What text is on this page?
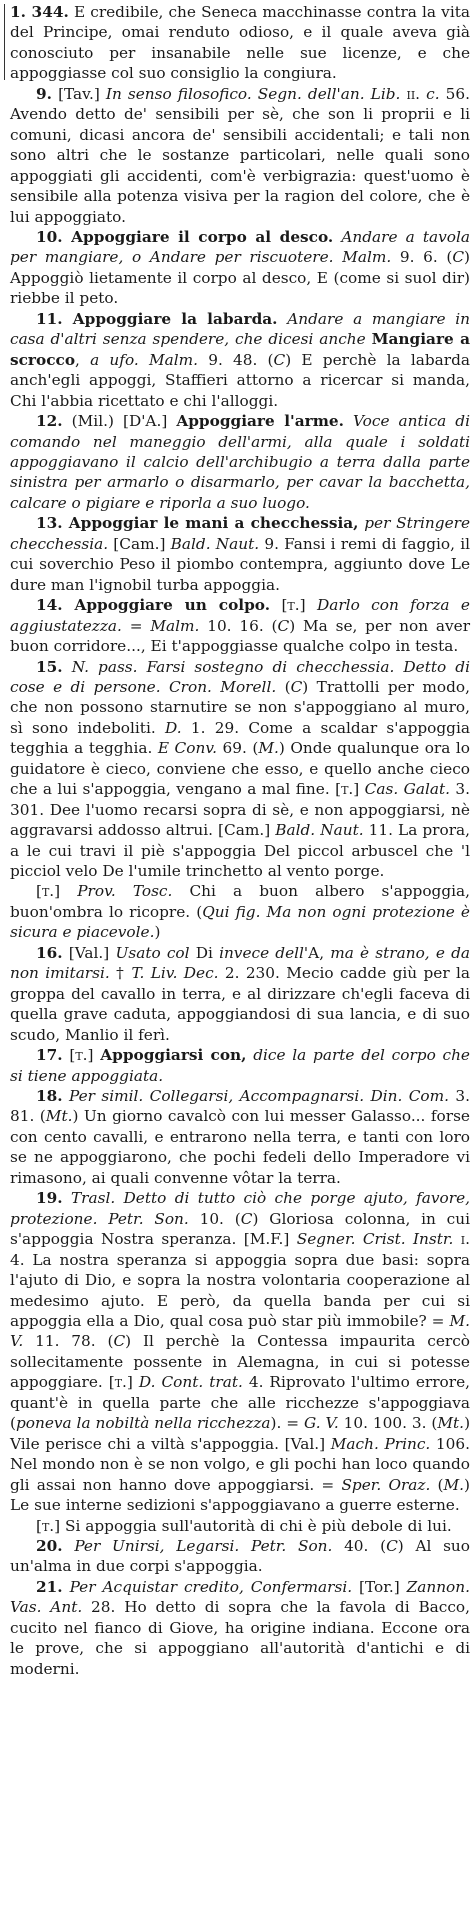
1. 344. E credibile, che Seneca macchinasse contra la vita del Principe, omai renduto odioso, e il quale aveva già conosciuto per insanabile nelle sue licenze, e che appoggiasse col suo consiglio la congiura.

9. [Tav.] In senso filosofico. Segn. dell'an. Lib. ii. c. 56. Avendo detto de' sensibili per sè, che son li proprii e li comuni, dicasi ancora de' sensibili accidentali; e tali non sono altri che le sostanze particolari, nelle quali sono appoggiati gli accidenti, com'è verbigrazia: quest'uomo è sensibile alla potenza visiva per la ragion del colore, che è lui appoggiato.

10. Appoggiare il corpo al desco. Andare a tavola per mangiare, o Andare per riscuotere. Malm. 9. 6. (C) Appoggiò lietamente il corpo al desco, E (come si suol dir) riebbe il peto.

11. Appoggiare la labarda. Andare a mangiare in casa d'altri senza spendere, che dicesi anche Mangiare a scrocco, a ufo. Malm. 9. 48. (C) E perchè la labarda anch'egli appoggi, Staffieri attorno a ricercar si manda, Chi l'abbia ricettato e chi l'alloggi.

12. (Mil.) [D'A.] Appoggiare l'arme. Voce antica di comando nel maneggio dell'armi, alla quale i soldati appoggiavano il calcio dell'archibugio a terra dalla parte sinistra per armarlo o disarmarlo, per cavar la bacchetta, calcare o pigiare e riporla a suo luogo.

13. Appoggiar le mani a checchessia, per Stringere checchessia. [Cam.] Bald. Naut. 9. Fansi i remi di faggio, il cui soverchio Peso il piombo contempra, aggiunto dove Le dure man l'ignobil turba appoggia.

14. Appoggiare un colpo. [t.] Darlo con forza e aggiustatezza. = Malm. 10. 16. (C) Ma se, per non aver buon corridore..., Ei t'appoggiasse qualche colpo in testa.

15. N. pass. Farsi sostegno di checchessia. Detto di cose e di persone. Cron. Morell. (C) Trattolli per modo, che non possono starnutire se non s'appoggiano al muro, sì sono indeboliti. D. 1. 29. Come a scaldar s'appoggia tegghia a tegghia. E Conv. 69. (M.) Onde qualunque ora lo guidatore è cieco, conviene che esso, e quello anche cieco che a lui s'appoggia, vengano a mal fine. [t.] Cas. Galat. 3. 301. Dee l'uomo recarsi sopra di sè, e non appoggiarsi, nè aggravarsi addosso altrui. [Cam.] Bald. Naut. 11. La prora, a le cui travi il piè s'appoggia Del piccol arbuscel che 'l picciol velo De l'umile trinchetto al vento porge.

[t.] Prov. Tosc. Chi a buon albero s'appoggia, buon'ombra lo ricopre. (Qui fig. Ma non ogni protezione è sicura e piacevole.)

16. [Val.] Usato col Di invece dell'A, ma è strano, e da non imitarsi. † T. Liv. Dec. 2. 230. Mecio cadde giù per la groppa del cavallo in terra, e al dirizzare ch'egli faceva di quella grave caduta, appoggiandosi di sua lancia, e di suo scudo, Manlio il ferì.

17. [t.] Appoggiarsi con, dice la parte del corpo che si tiene appoggiata.

18. Per simil. Collegarsi, Accompagnarsi. Din. Com. 3. 81. (Mt.) Un giorno cavalcò con lui messer Galasso... forse con cento cavalli, e entrarono nella terra, e tanti con loro se ne appoggiarono, che pochi fedeli dello Imperadore vi rimasono, ai quali convenne vôtar la terra.

19. Trasl. Detto di tutto ciò che porge ajuto, favore, protezione. Petr. Son. 10. (C) Gloriosa colonna, in cui s'appoggia Nostra speranza. [M.F.] Segner. Crist. Instr. i. 4. La nostra speranza si appoggia sopra due basi: sopra l'ajuto di Dio, e sopra la nostra volontaria cooperazione al medesimo ajuto. E però, da quella banda per cui si appoggia ella a Dio, qual cosa può star più immobile? = M. V. 11. 78. (C) Il perchè la Contessa impaurita cercò sollecitamente possente in Alemagna, in cui si potesse appoggiare. [t.] D. Cont. trat. 4. Riprovato l'ultimo errore, quant'è in quella parte che alle ricchezze s'appoggiava (poneva la nobiltà nella ricchezza). = G. V. 10. 100. 3. (Mt.) Vile perisce chi a viltà s'appoggia. [Val.] Mach. Princ. 106. Nel mondo non è se non volgo, e gli pochi han loco quando gli assai non hanno dove appoggiarsi. = Sper. Oraz. (M.) Le sue interne sedizioni s'appoggiavano a guerre esterne.

[t.] Si appoggia sull'autorità di chi è più debole di lui.

20. Per Unirsi, Legarsi. Petr. Son. 40. (C) Al suo un'alma in due corpi s'appoggia.

21. Per Acquistar credito, Confermarsi. [Tor.] Zannon. Vas. Ant. 28. Ho detto di sopra che la favola di Bacco, cucito nel fianco di Giove, ha origine indiana. Eccone ora le prove, che si appoggiano all'autorità d'antichi e di moderni.
